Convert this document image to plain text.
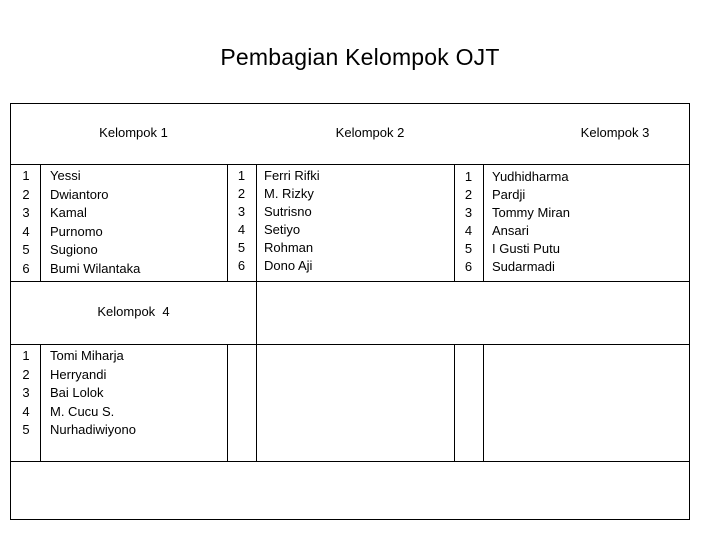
Pembagian Kelompok OJT
Kelompok 1
1
2
3
4
5
6
Yessi
Dwiantoro
Kamal
Purnomo
Sugiono
Bumi Wilantaka
Kelompok 2
1
2
3
4
5
6
Ferri Rifki
M. Rizky
Sutrisno
Setiyo
Rohman
Dono Aji
Kelompok 3
1
2
3
4
5
6
Yudhidharma
Pardji
Tommy Miran
Ansari
I Gusti Putu
Sudarmadi
Kelompok  4
1
2
3
4
5
Tomi Miharja
Herryandi
Bai Lolok
M. Cucu S.
Nurhadiwiyono
